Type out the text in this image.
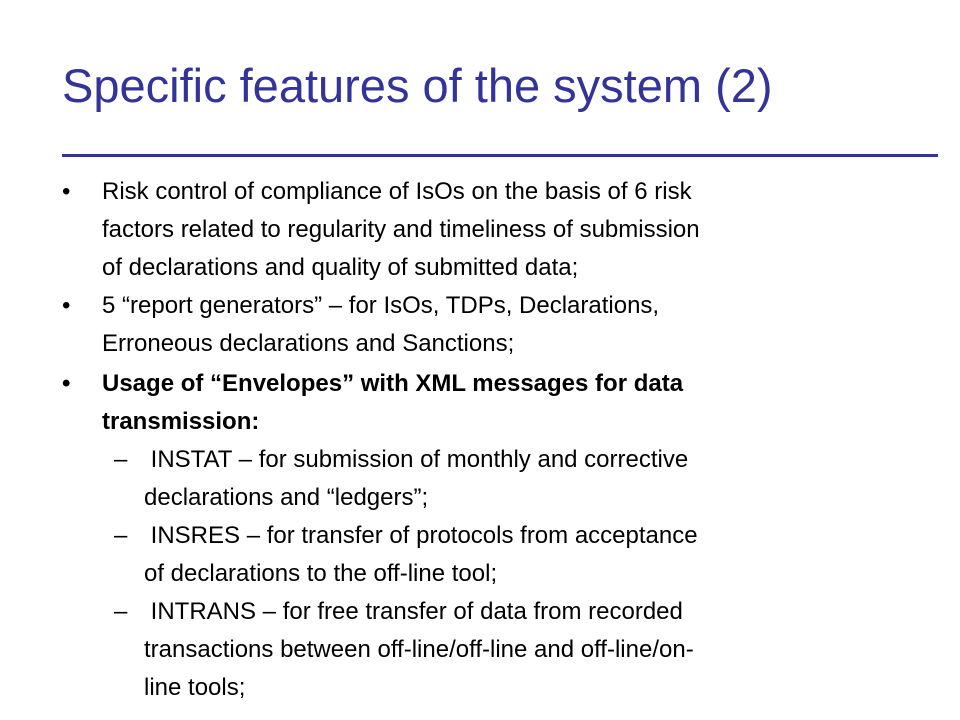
Specific features of the system (2)
• Risk control of compliance of IsOs on the basis of 6 risk
factors related to regularity and timeliness of submission
of declarations and quality of submitted data;
• 5 “report generators” – for IsOs, TDPs, Declarations,
Erroneous declarations and Sanctions;
• Usage of “Envelopes” with XML messages for data
transmission:
– INSTAT – for submission of monthly and corrective
declarations and “ledgers”;
– INSRES – for transfer of protocols from acceptance
of declarations to the off-line tool;
– INTRANS – for free transfer of data from recorded
transactions between off-line/off-line and off-line/on-
line tools;
